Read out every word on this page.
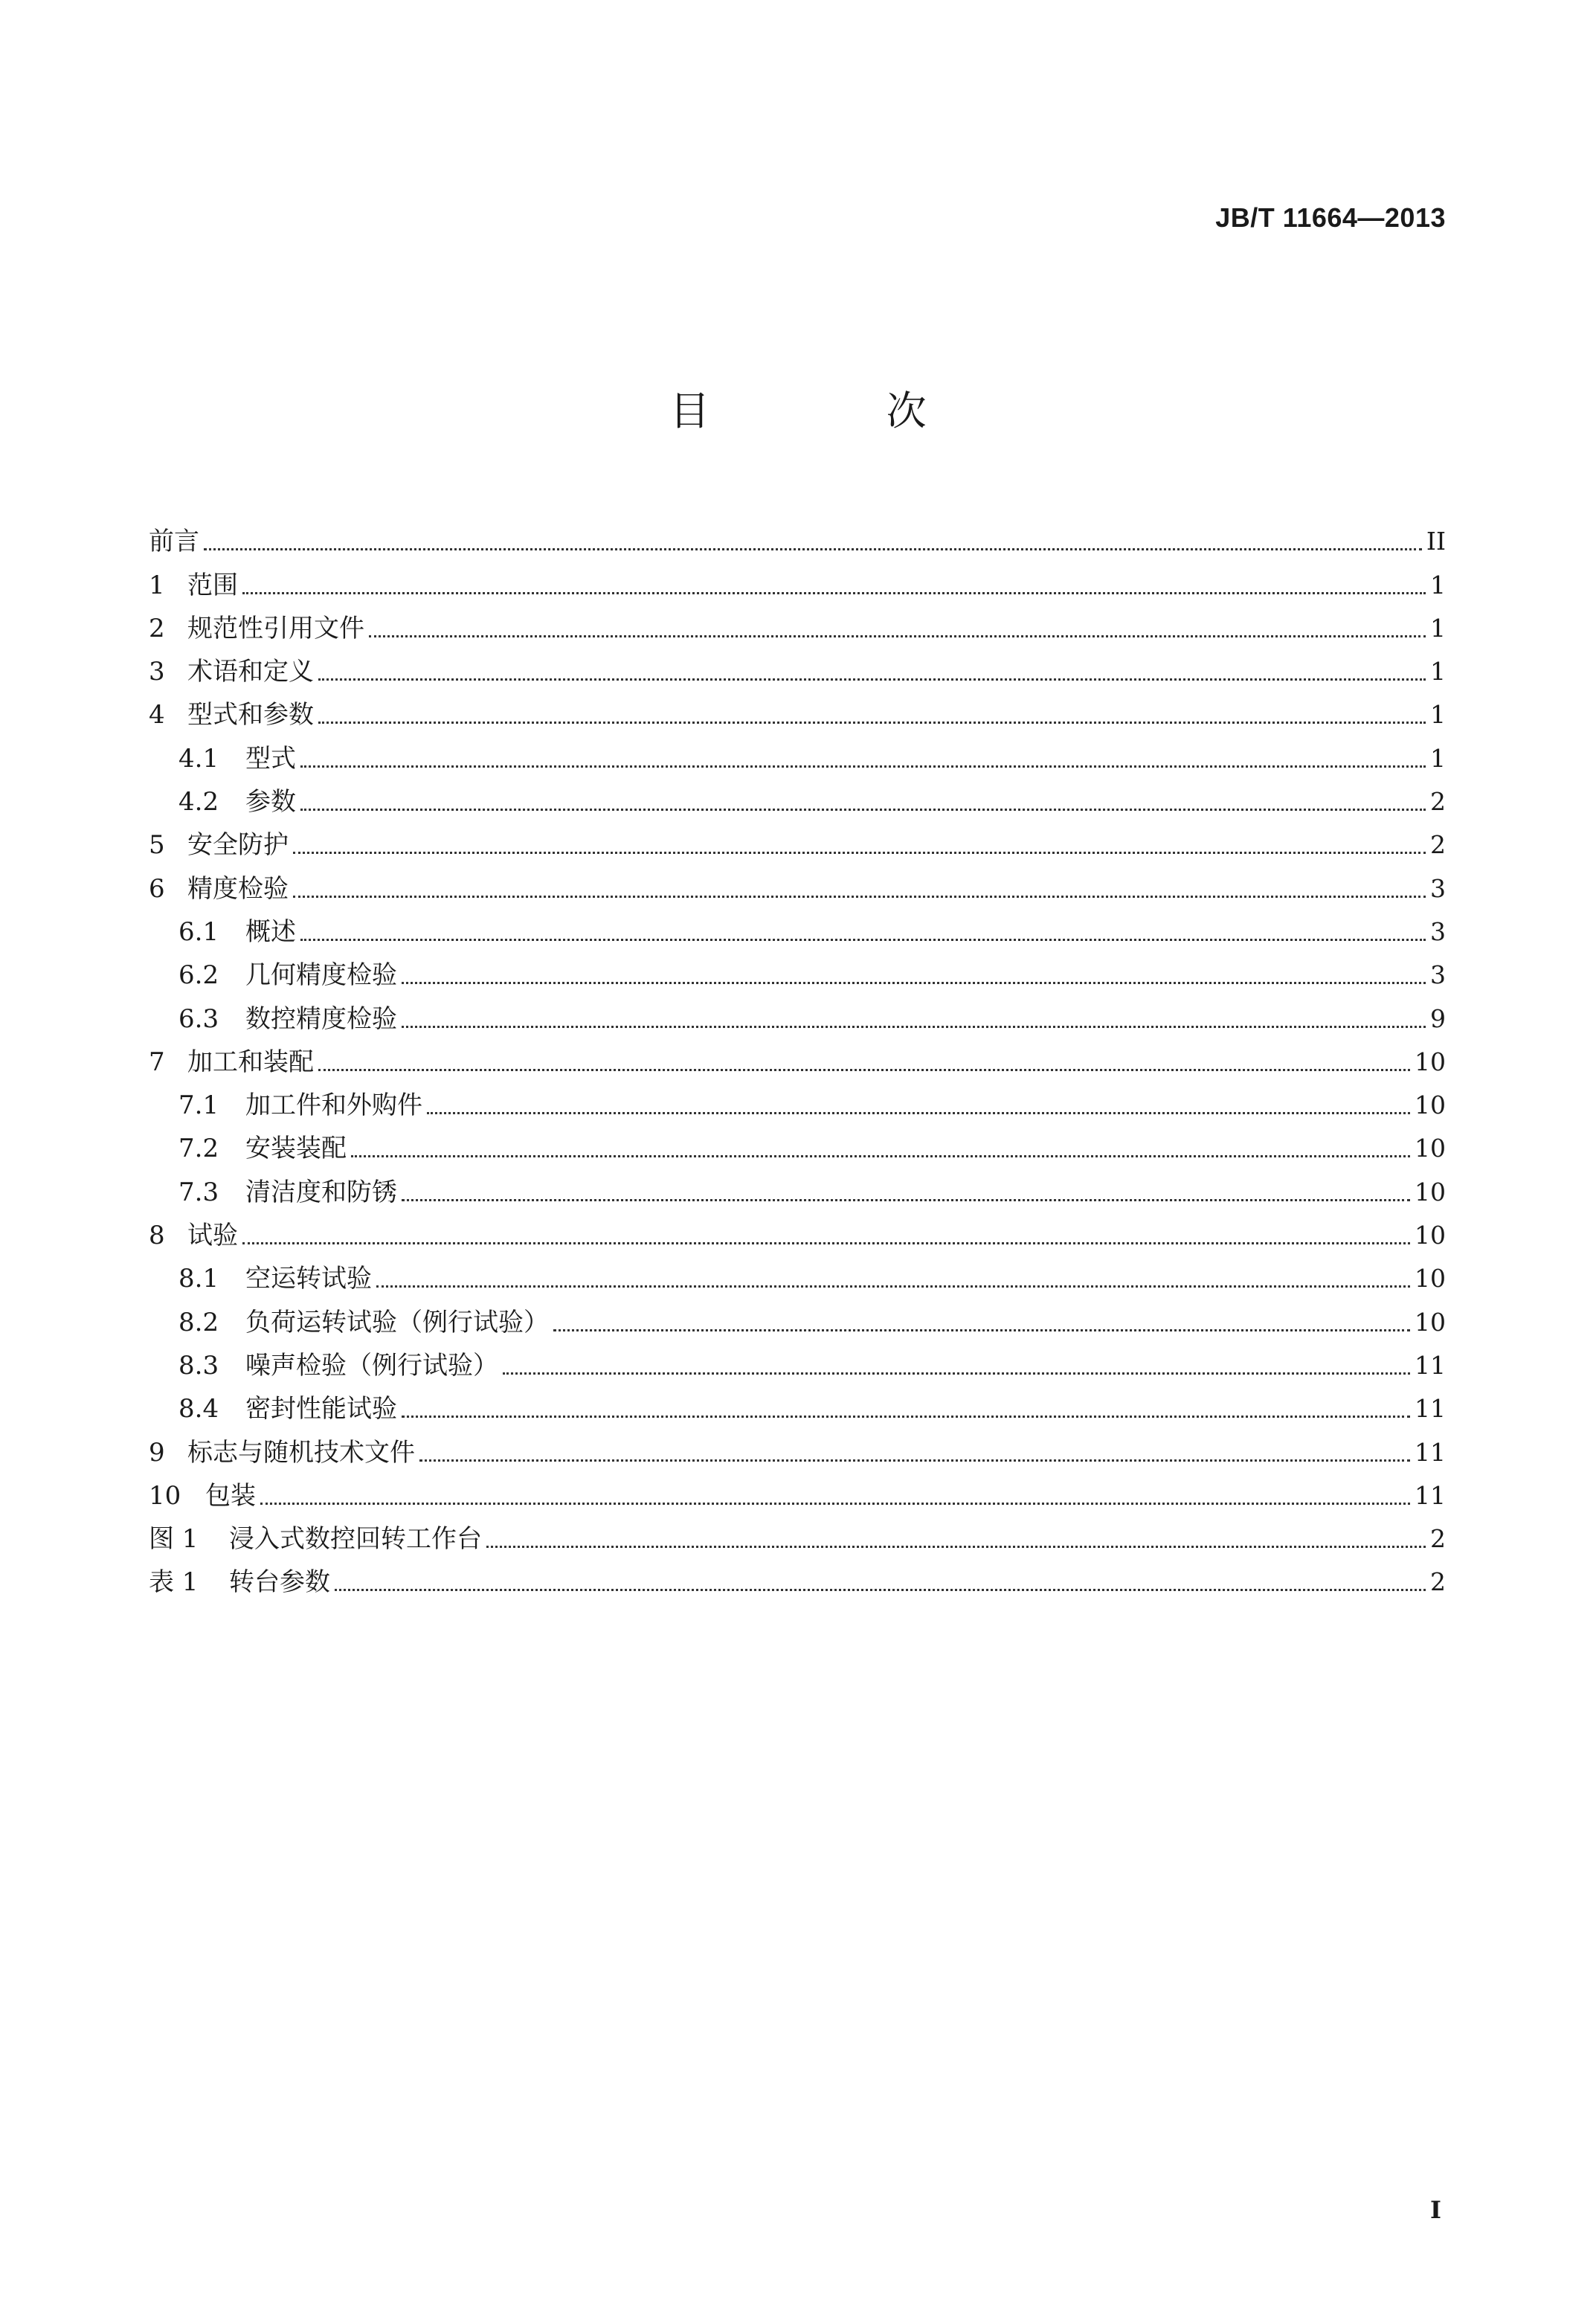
JB/T 11664—2013
目 次
前言	II
1 范围	1
2 规范性引用文件	1
3 术语和定义	1
4 型式和参数	1
4.1	型式	1
4.2	参数	2
5 安全防护	2
6 精度检验	3
6.1	概述	3
6.2	几何精度检验	3
6.3	数控精度检验	9
7 加工和装配	10
7.1	加工件和外购件	10
7.2	安装装配	10
7.3	清洁度和防锈	10
8 试验	10
8.1	空运转试验	10
8.2	负荷运转试验（例行试验）	10
8.3	噪声检验（例行试验）	11
8.4	密封性能试验	11
9 标志与随机技术文件	11
10 包装	11
图 1	浸入式数控回转工作台	2
表 1	转台参数	2
I
